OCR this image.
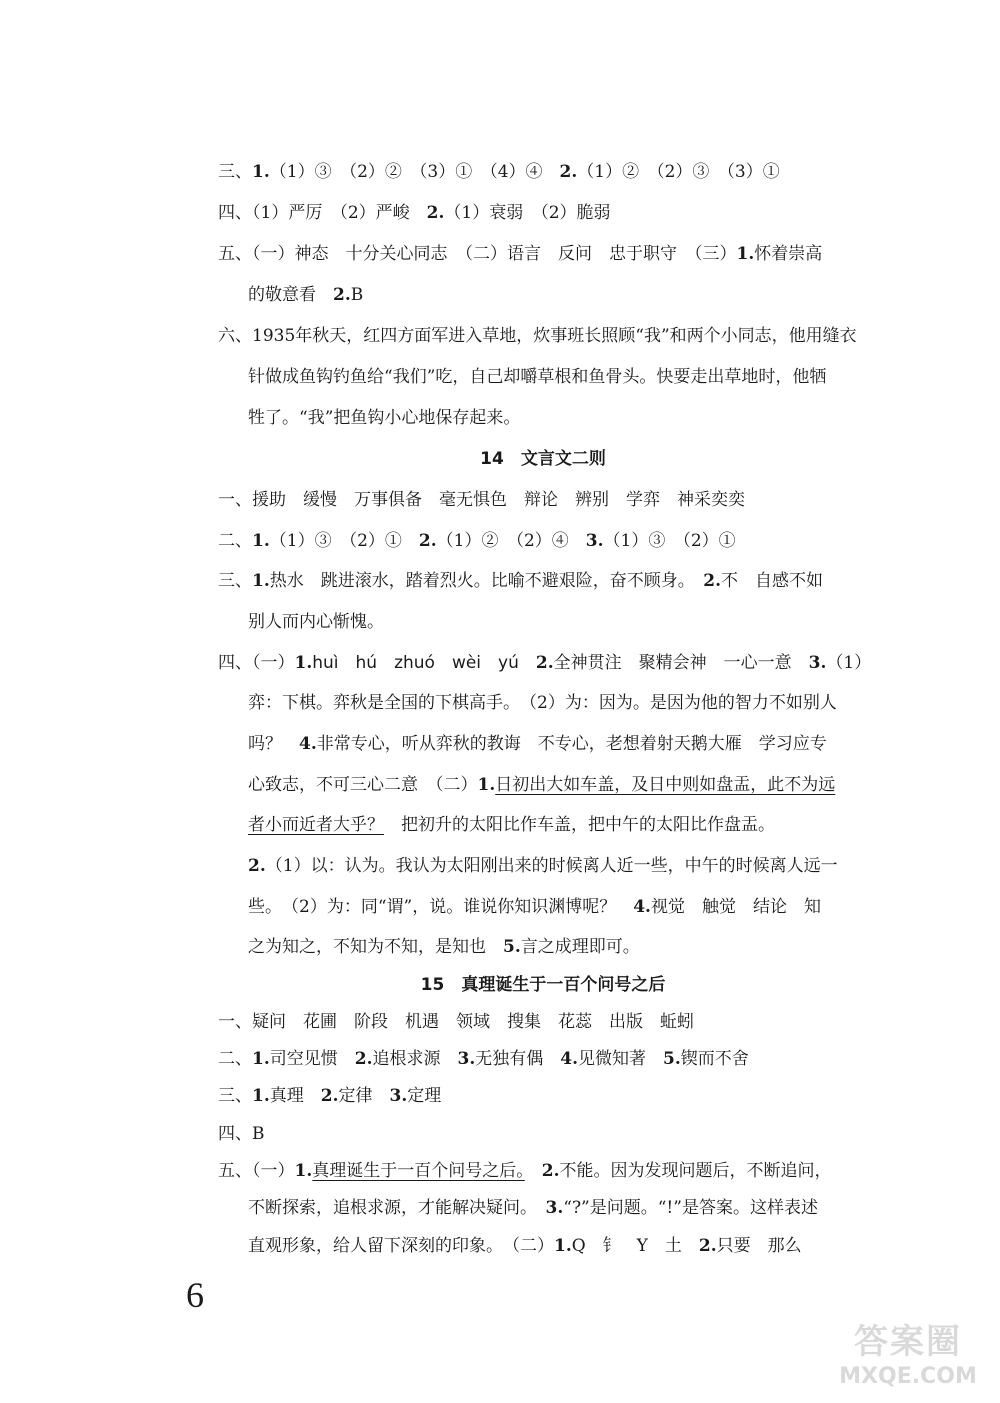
三、1.（1）③　（2）②　（3）①　（4）④　2.（1）②　（2）③　（3）①
四、（1）严厉　（2）严峻　2.（1）衰弱　（2）脆弱
五、（一）神态　十分关心同志　（二）语言　反问　忠于职守　（三）1.怀着崇高
的敬意看　2.B
六、1935年秋天，红四方面军进入草地，炊事班长照顾“我”和两个小同志，他用缝衣
针做成鱼钩钓鱼给“我们”吃，自己却嚼草根和鱼骨头。快要走出草地时，他牺
牲了。“我”把鱼钩小心地保存起来。
14　文言文二则
一、援助　缓慢　万事俱备　毫无惧色　辩论　辨别　学弈　神采奕奕
二、1.（1）③　（2）①　2.（1）②　（2）④　3.（1）③　（2）①
三、1.热水　跳进滚水，踏着烈火。比喻不避艰险，奋不顾身。　2.不　自感不如
别人而内心惭愧。
四、（一）1.huì　hú　zhuó　wèi　yú　2.全神贯注　聚精会神　一心一意　3.（1）
弈：下棋。弈秋是全国的下棋高手。　（2）为：因为。是因为他的智力不如别人
吗？　4.非常专心，听从弈秋的教诲　不专心，老想着射天鹅大雁　学习应专
心致志，不可三心二意　（二）1.日初出大如车盖，及日中则如盘盂，此不为远
者小而近者大乎？　把初升的太阳比作车盖，把中午的太阳比作盘盂。
2.（1）以：认为。我认为太阳刚出来的时候离人近一些，中午的时候离人远一
些。　（2）为：同“谓”，说。谁说你知识渊博呢？　4.视觉　触觉　结论　知
之为知之，不知为不知，是知也　5.言之成理即可。
15　真理诞生于一百个问号之后
一、疑问　花圃　阶段　机遇　领域　搜集　花蕊　出版　蚯蚓
二、1.司空见惯　2.追根求源　3.无独有偶　4.见微知著　5.锲而不舍
三、1.真理　2.定律　3.定理
四、B
五、（一）1.真理诞生于一百个问号之后。　 2.不能。因为发现问题后，不断追问，
不断探索，追根求源，才能解决疑问。　3.“?”是问题。“!”是答案。这样表述
直观形象，给人留下深刻的印象。　（二）1.Q　钅　Y　土　2.只要　那么
6
答案圈
MXQE.COM
